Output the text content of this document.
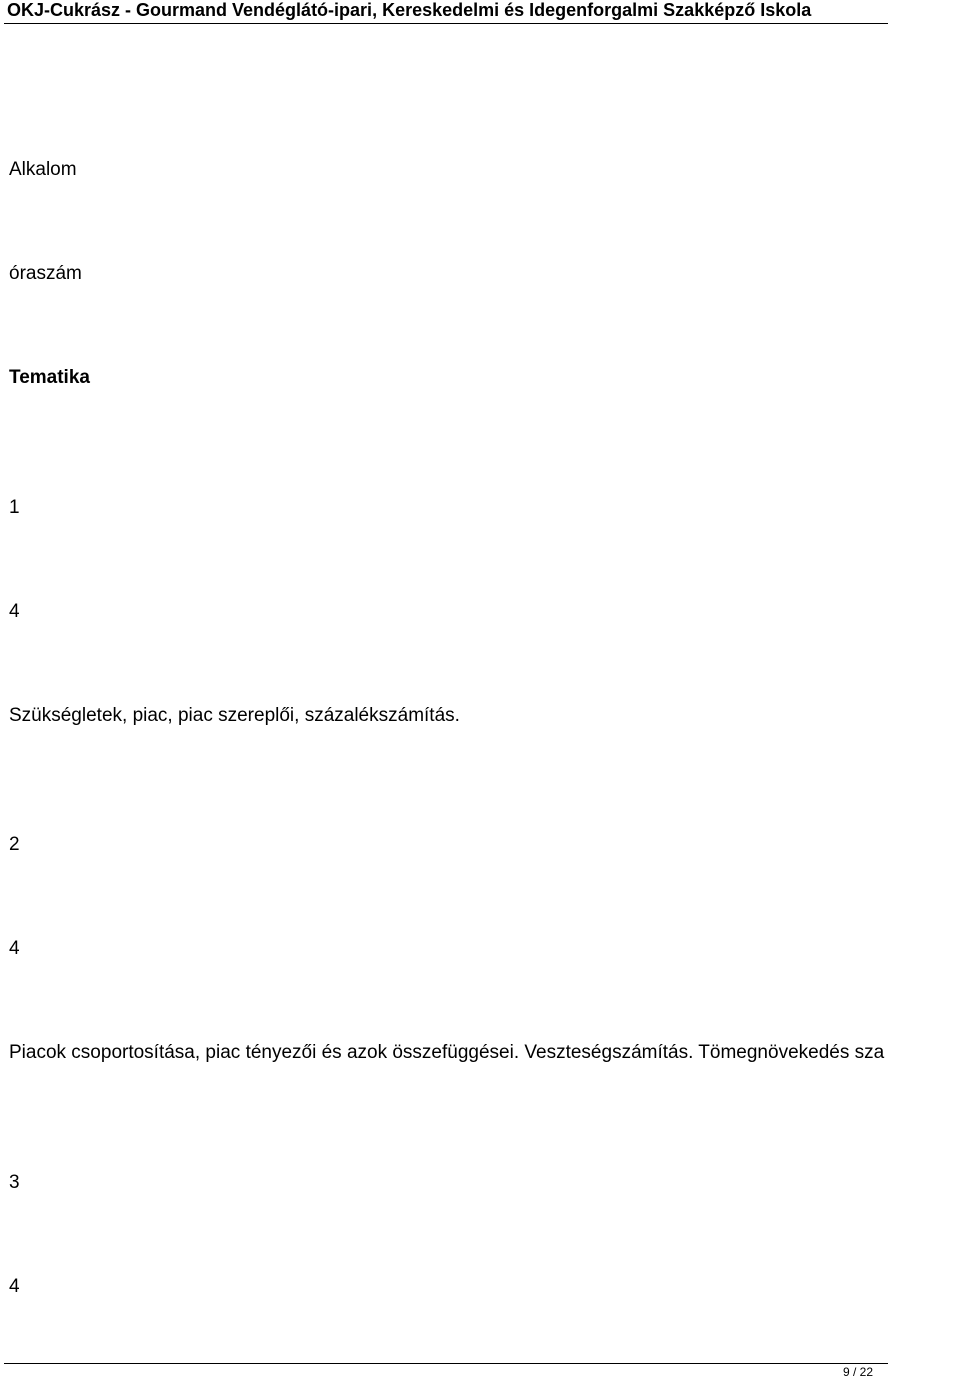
OKJ-Cukrász - Gourmand Vendéglátó-ipari, Kereskedelmi és Idegenforgalmi Szakképző Iskola
Alkalom
óraszám
Tematika
1
4
Szükségletek, piac, piac szereplői, százalékszámítás.
2
4
Piacok csoportosítása, piac tényezői és azok összefüggései. Veszteségszámítás. Tömegnövekedés sza
3
4
9 / 22
